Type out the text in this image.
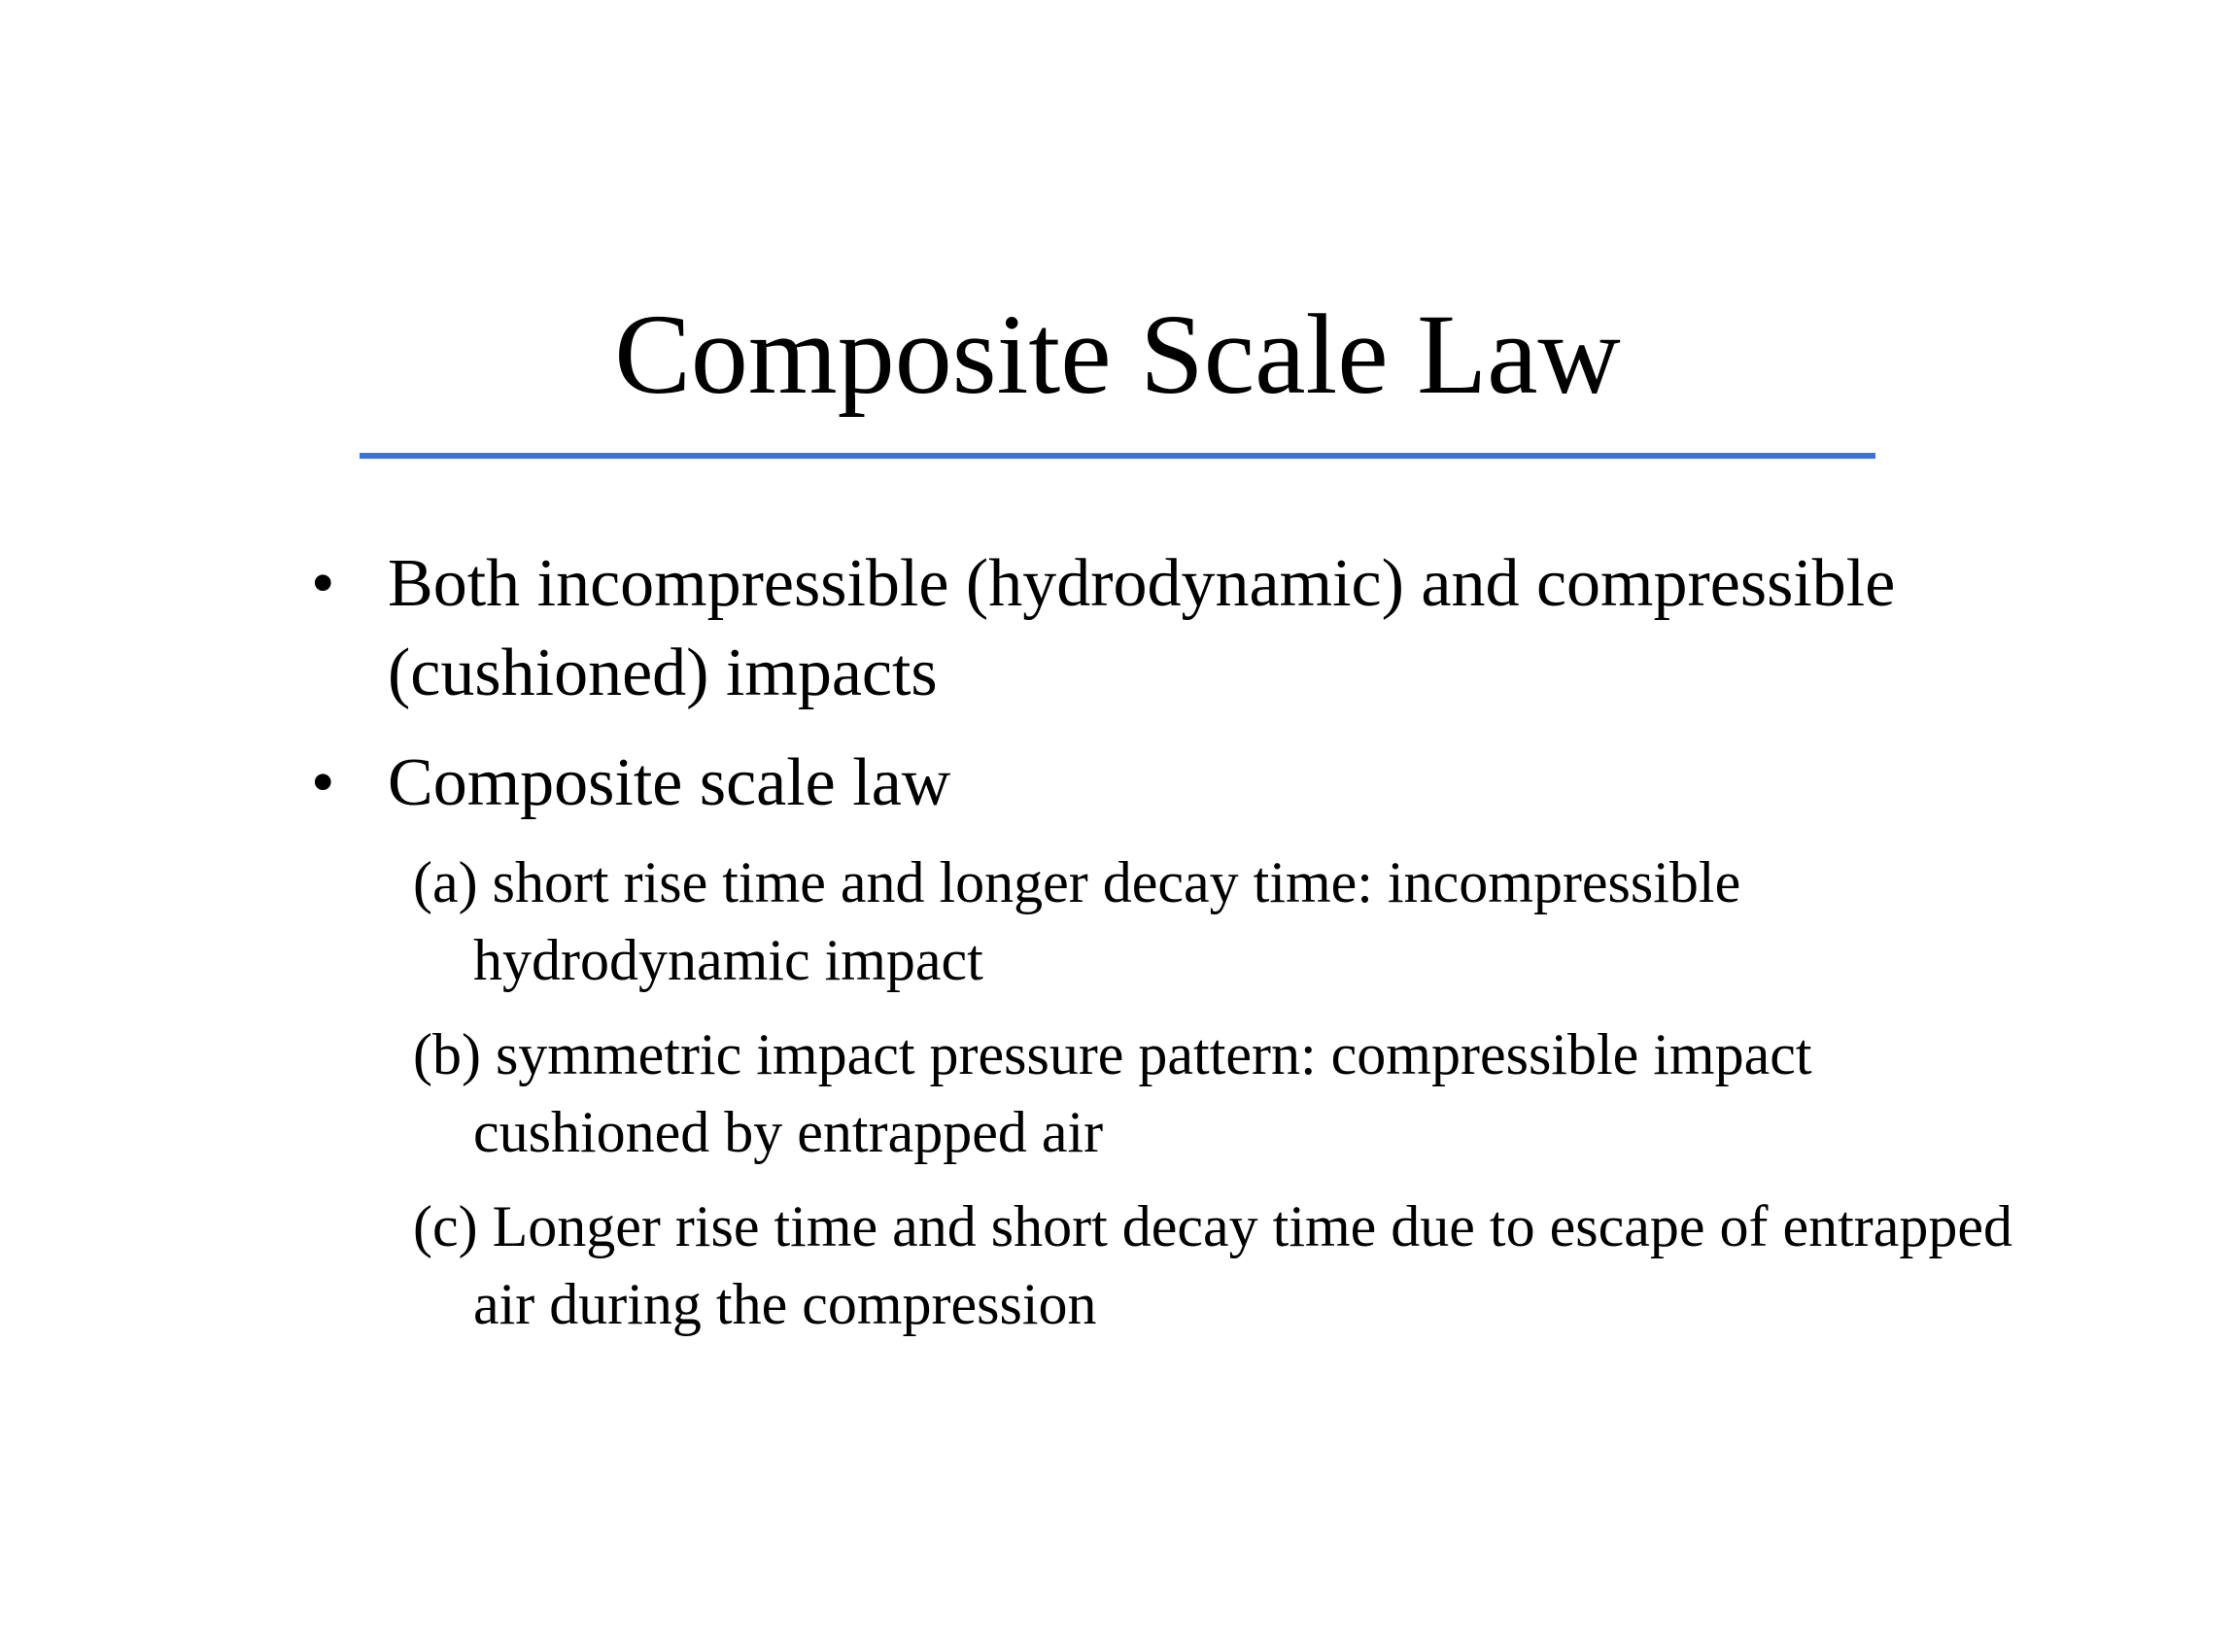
Composite Scale Law
• Both incompressible (hydrodynamic) and compressible (cushioned) impacts
• Composite scale law
(a) short rise time and longer decay time: incompressible hydrodynamic impact
(b) symmetric impact pressure pattern: compressible impact cushioned by entrapped air
(c) Longer rise time and short decay time due to escape of entrapped air during the compression
